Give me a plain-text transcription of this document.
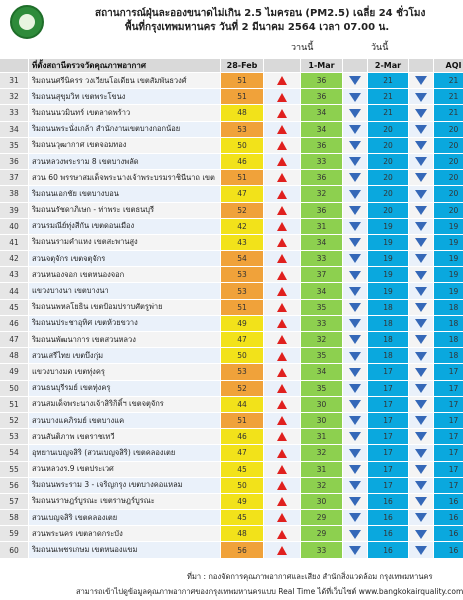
สถานการณ์ฝุ่นละอองขนาดไม่เกิน 2.5 ไมครอน (PM2.5) เฉลี่ย 24 ชั่วโมง
พื้นที่กรุงเทพมหานคร วันที่ 2 มีนาคม 2564 เวลา 07.00 น.
วานนี้	วันนี้
	ที่ตั้งสถานีตรวจวัดคุณภาพอากาศ	28-Feb		1-Mar		2-Mar		AQI
31	ริมถนนศรีนิครร วงเวียนโอเดียน เขตสัมพันธวงศ์	51		36		21		21
32	ริมถนนสุขุมวิท เขตพระโขนง	51		36		21		21
33	ริมถนนนวมินทร์ เขตลาดพร้าว	48		34		21		21
34	ริมถนนพระนั่งเกล้า สำนักงานเขตบางกอกน้อย	53		34		20		20
35	ริมถนนวุฒากาศ เขตจอมทอง	50		36		20		20
36	สวนหลวงพระราม 8 เขตบางพลัด	46		33		20		20
37	สวน 60 พรรษาสมเด็จพระนางเจ้าพระบรมราชินีนาถ เขต	51		36		20		20
38	ริมถนนเอกชัย เขตบางบอน	47		32		20		20
39	ริมถนนรัชดาภิเษก - ท่าพระ เขตธนบุรี	52		36		20		20
40	สวนรมณีย์ทุ่งสีกัน เขตดอนเมือง	42		31		19		19
41	ริมถนนรามคำแหง เขตสะพานสูง	43		34		19		19
42	สวนจตุจักร เขตจตุจักร	54		33		19		19
43	สวนหนองจอก เขตหนองจอก	53		37		19		19
44	แขวงบางนา เขตบางนา	53		34		19		19
45	ริมถนนพหลโยธิน เขตป้อมปราบศัตรูพ่าย	51		35		18		18
46	ริมถนนประชาอุทิศ เขตห้วยขวาง	49		33		18		18
47	ริมถนนพัฒนาการ เขตสวนหลวง	47		32		18		18
48	สวนเสรีไทย เขตบึงกุ่ม	50		35		18		18
49	แขวงบางมด เขตทุ่งครุ	53		34		17		17
50	สวนธนบุรีรมย์ เขตทุ่งครุ	52		35		17		17
51	สวนสมเด็จพระนางเจ้าสิริกิติ์ฯ เขตจตุจักร	44		30		17		17
52	สวนบางแคภิรมย์ เขตบางแค	51		30		17		17
53	สวนสันติภาพ เขตราชเทวี	46		31		17		17
54	อุทยานเบญจสิริ (สวนเบญจสิริ) เขตคลองเตย	47		32		17		17
55	สวนหลวงร.9 เขตประเวศ	45		31		17		17
56	ริมถนนพระราม 3 - เจริญกรุง เขตบางคอแหลม	50		32		17		17
57	ริมถนนราษฎร์บูรณะ เขตราษฎร์บูรณะ	49		30		16		16
58	สวนเบญจสิริ เขตคลองเตย	45		29		16		16
59	สวนพระนคร เขตลาดกระบัง	48		29		16		16
60	ริมถนนเพชรเกษม เขตหนองแขม	56		33		16		16
ที่มา : กองจัดการคุณภาพอากาศและเสียง สำนักสิ่งแวดล้อม กรุงเทพมหานคร
สามารถเข้าไปดูข้อมูลคุณภาพอากาศของกรุงเทพมหานครแบบ Real Time ได้ที่เว็บไซต์ www.bangkokairquality.com
